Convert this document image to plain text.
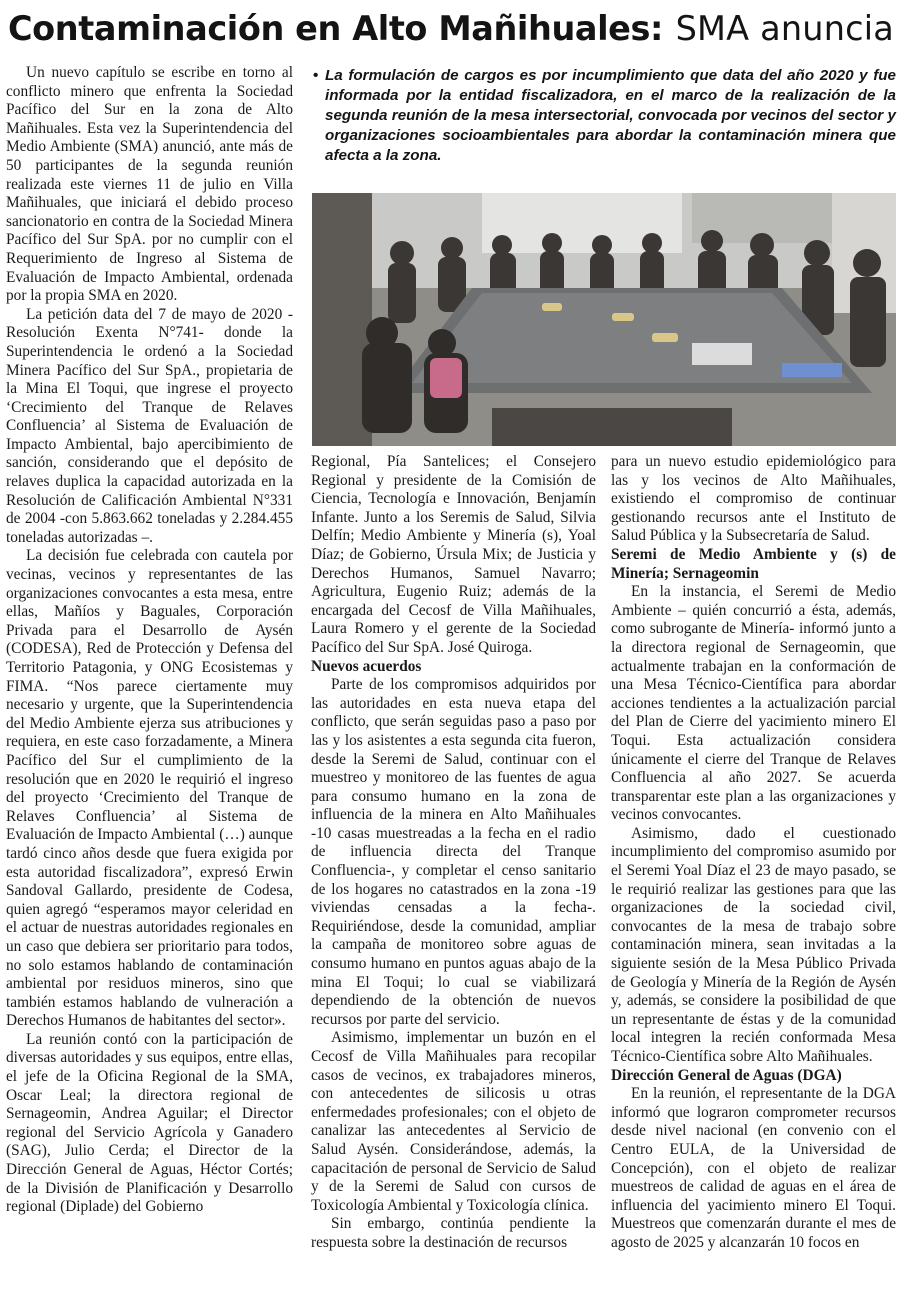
Contaminación en Alto Mañihuales: SMA anuncia

Un nuevo capítulo se escribe en torno al conflicto minero que enfrenta la Sociedad Pacífico del Sur en la zona de Alto Mañihuales. Esta vez la Superintendencia del Medio Ambiente (SMA) anunció, ante más de 50 participantes de la segunda reunión realizada este viernes 11 de julio en Villa Mañihuales, que iniciará el debido proceso sancionatorio en contra de la Sociedad Minera Pacífico del Sur SpA. por no cumplir con el Requerimiento de Ingreso al Sistema de Evaluación de Impacto Ambiental, ordenada por la propia SMA en 2020.

La petición data del 7 de mayo de 2020 -Resolución Exenta N°741- donde la Superintendencia le ordenó a la Sociedad Minera Pacífico del Sur SpA., propietaria de la Mina El Toqui, que ingrese el proyecto ‘Crecimiento del Tranque de Relaves Confluencia’ al Sistema de Evaluación de Impacto Ambiental, bajo apercibimiento de sanción, considerando que el depósito de relaves duplica la capacidad autorizada en la Resolución de Calificación Ambiental N°331 de 2004 -con 5.863.662 toneladas y 2.284.455 toneladas autorizadas –.

La decisión fue celebrada con cautela por vecinas, vecinos y representantes de las organizaciones convocantes a esta mesa, entre ellas, Mañíos y Baguales, Corporación Privada para el Desarrollo de Aysén (CODESA), Red de Protección y Defensa del Territorio Patagonia, y ONG Ecosistemas y FIMA. “Nos parece ciertamente muy necesario y urgente, que la Superintendencia del Medio Ambiente ejerza sus atribuciones y requiera, en este caso forzadamente, a Minera Pacífico del Sur el cumplimiento de la resolución que en 2020 le requirió el ingreso del proyecto ‘Crecimiento del Tranque de Relaves Confluencia’ al Sistema de Evaluación de Impacto Ambiental (…) aunque tardó cinco años desde que fuera exigida por esta autoridad fiscalizadora”, expresó Erwin Sandoval Gallardo, presidente de Codesa, quien agregó “esperamos mayor celeridad en el actuar de nuestras autoridades regionales en un caso que debiera ser prioritario para todos, no solo estamos hablando de contaminación ambiental por residuos mineros, sino que también estamos hablando de vulneración a Derechos Humanos de habitantes del sector».

La reunión contó con la participación de diversas autoridades y sus equipos, entre ellas, el jefe de la Oficina Regional de la SMA, Oscar Leal; la directora regional de Sernageomin, Andrea Aguilar; el Director regional del Servicio Agrícola y Ganadero (SAG), Julio Cerda; el Director de la Dirección General de Aguas, Héctor Cortés; de la División de Planificación y Desarrollo regional (Diplade) del Gobierno

• La formulación de cargos es por incumplimiento que data del año 2020 y fue informada por la entidad fiscalizadora, en el marco de la realización de la segunda reunión de la mesa intersectorial, convocada por vecinos del sector y organizaciones socioambientales para abordar la contaminación minera que afecta a la zona.

Regional, Pía Santelices; el Consejero Regional y presidente de la Comisión de Ciencia, Tecnología e Innovación, Benjamín Infante. Junto a los Seremis de Salud, Silvia Delfín; Medio Ambiente y Minería (s), Yoal Díaz; de Gobierno, Úrsula Mix; de Justicia y Derechos Humanos, Samuel Navarro; Agricultura, Eugenio Ruiz; además de la encargada del Cecosf de Villa Mañihuales, Laura Romero y el gerente de la Sociedad Pacífico del Sur SpA. José Quiroga.

Nuevos acuerdos

Parte de los compromisos adquiridos por las autoridades en esta nueva etapa del conflicto, que serán seguidas paso a paso por las y los asistentes a esta segunda cita fueron, desde la Seremi de Salud, continuar con el muestreo y monitoreo de las fuentes de agua para consumo humano en la zona de influencia de la minera en Alto Mañihuales -10 casas muestreadas a la fecha en el radio de influencia directa del Tranque Confluencia-, y completar el censo sanitario de los hogares no catastrados en la zona -19 viviendas censadas a la fecha-. Requiriéndose, desde la comunidad, ampliar la campaña de monitoreo sobre aguas de consumo humano en puntos aguas abajo de la mina El Toqui; lo cual se viabilizará dependiendo de la obtención de nuevos recursos por parte del servicio.

Asimismo, implementar un buzón en el Cecosf de Villa Mañihuales para recopilar casos de vecinos, ex trabajadores mineros, con antecedentes de silicosis u otras enfermedades profesionales; con el objeto de canalizar las antecedentes al Servicio de Salud Aysén. Considerándose, además, la capacitación de personal de Servicio de Salud y de la Seremi de Salud con cursos de Toxicología Ambiental y Toxicología clínica.

Sin embargo, continúa pendiente la respuesta sobre la destinación de recursos

para un nuevo estudio epidemiológico para las y los vecinos de Alto Mañihuales, existiendo el compromiso de continuar gestionando recursos ante el Instituto de Salud Pública y la Subsecretaría de Salud.

Seremi de Medio Ambiente y (s) de Minería; Sernageomin

En la instancia, el Seremi de Medio Ambiente – quién concurrió a ésta, además, como subrogante de Minería- informó junto a la directora regional de Sernageomin, que actualmente trabajan en la conformación de una Mesa Técnico-Científica para abordar acciones tendientes a la actualización parcial del Plan de Cierre del yacimiento minero El Toqui. Esta actualización considera únicamente el cierre del Tranque de Relaves Confluencia al año 2027. Se acuerda transparentar este plan a las organizaciones y vecinos convocantes.

Asimismo, dado el cuestionado incumplimiento del compromiso asumido por el Seremi Yoal Díaz el 23 de mayo pasado, se le requirió realizar las gestiones para que las organizaciones de la sociedad civil, convocantes de la mesa de trabajo sobre contaminación minera, sean invitadas a la siguiente sesión de la Mesa Público Privada de Geología y Minería de la Región de Aysén y, además, se considere la posibilidad de que un representante de éstas y de la comunidad local integren la recién conformada Mesa Técnico-Científica sobre Alto Mañihuales.

Dirección General de Aguas (DGA)

En la reunión, el representante de la DGA informó que lograron comprometer recursos desde nivel nacional (en convenio con el Centro EULA, de la Universidad de Concepción), con el objeto de realizar muestreos de calidad de aguas en el área de influencia del yacimiento minero El Toqui. Muestreos que comenzarán durante el mes de agosto de 2025 y alcanzarán 10 focos en
